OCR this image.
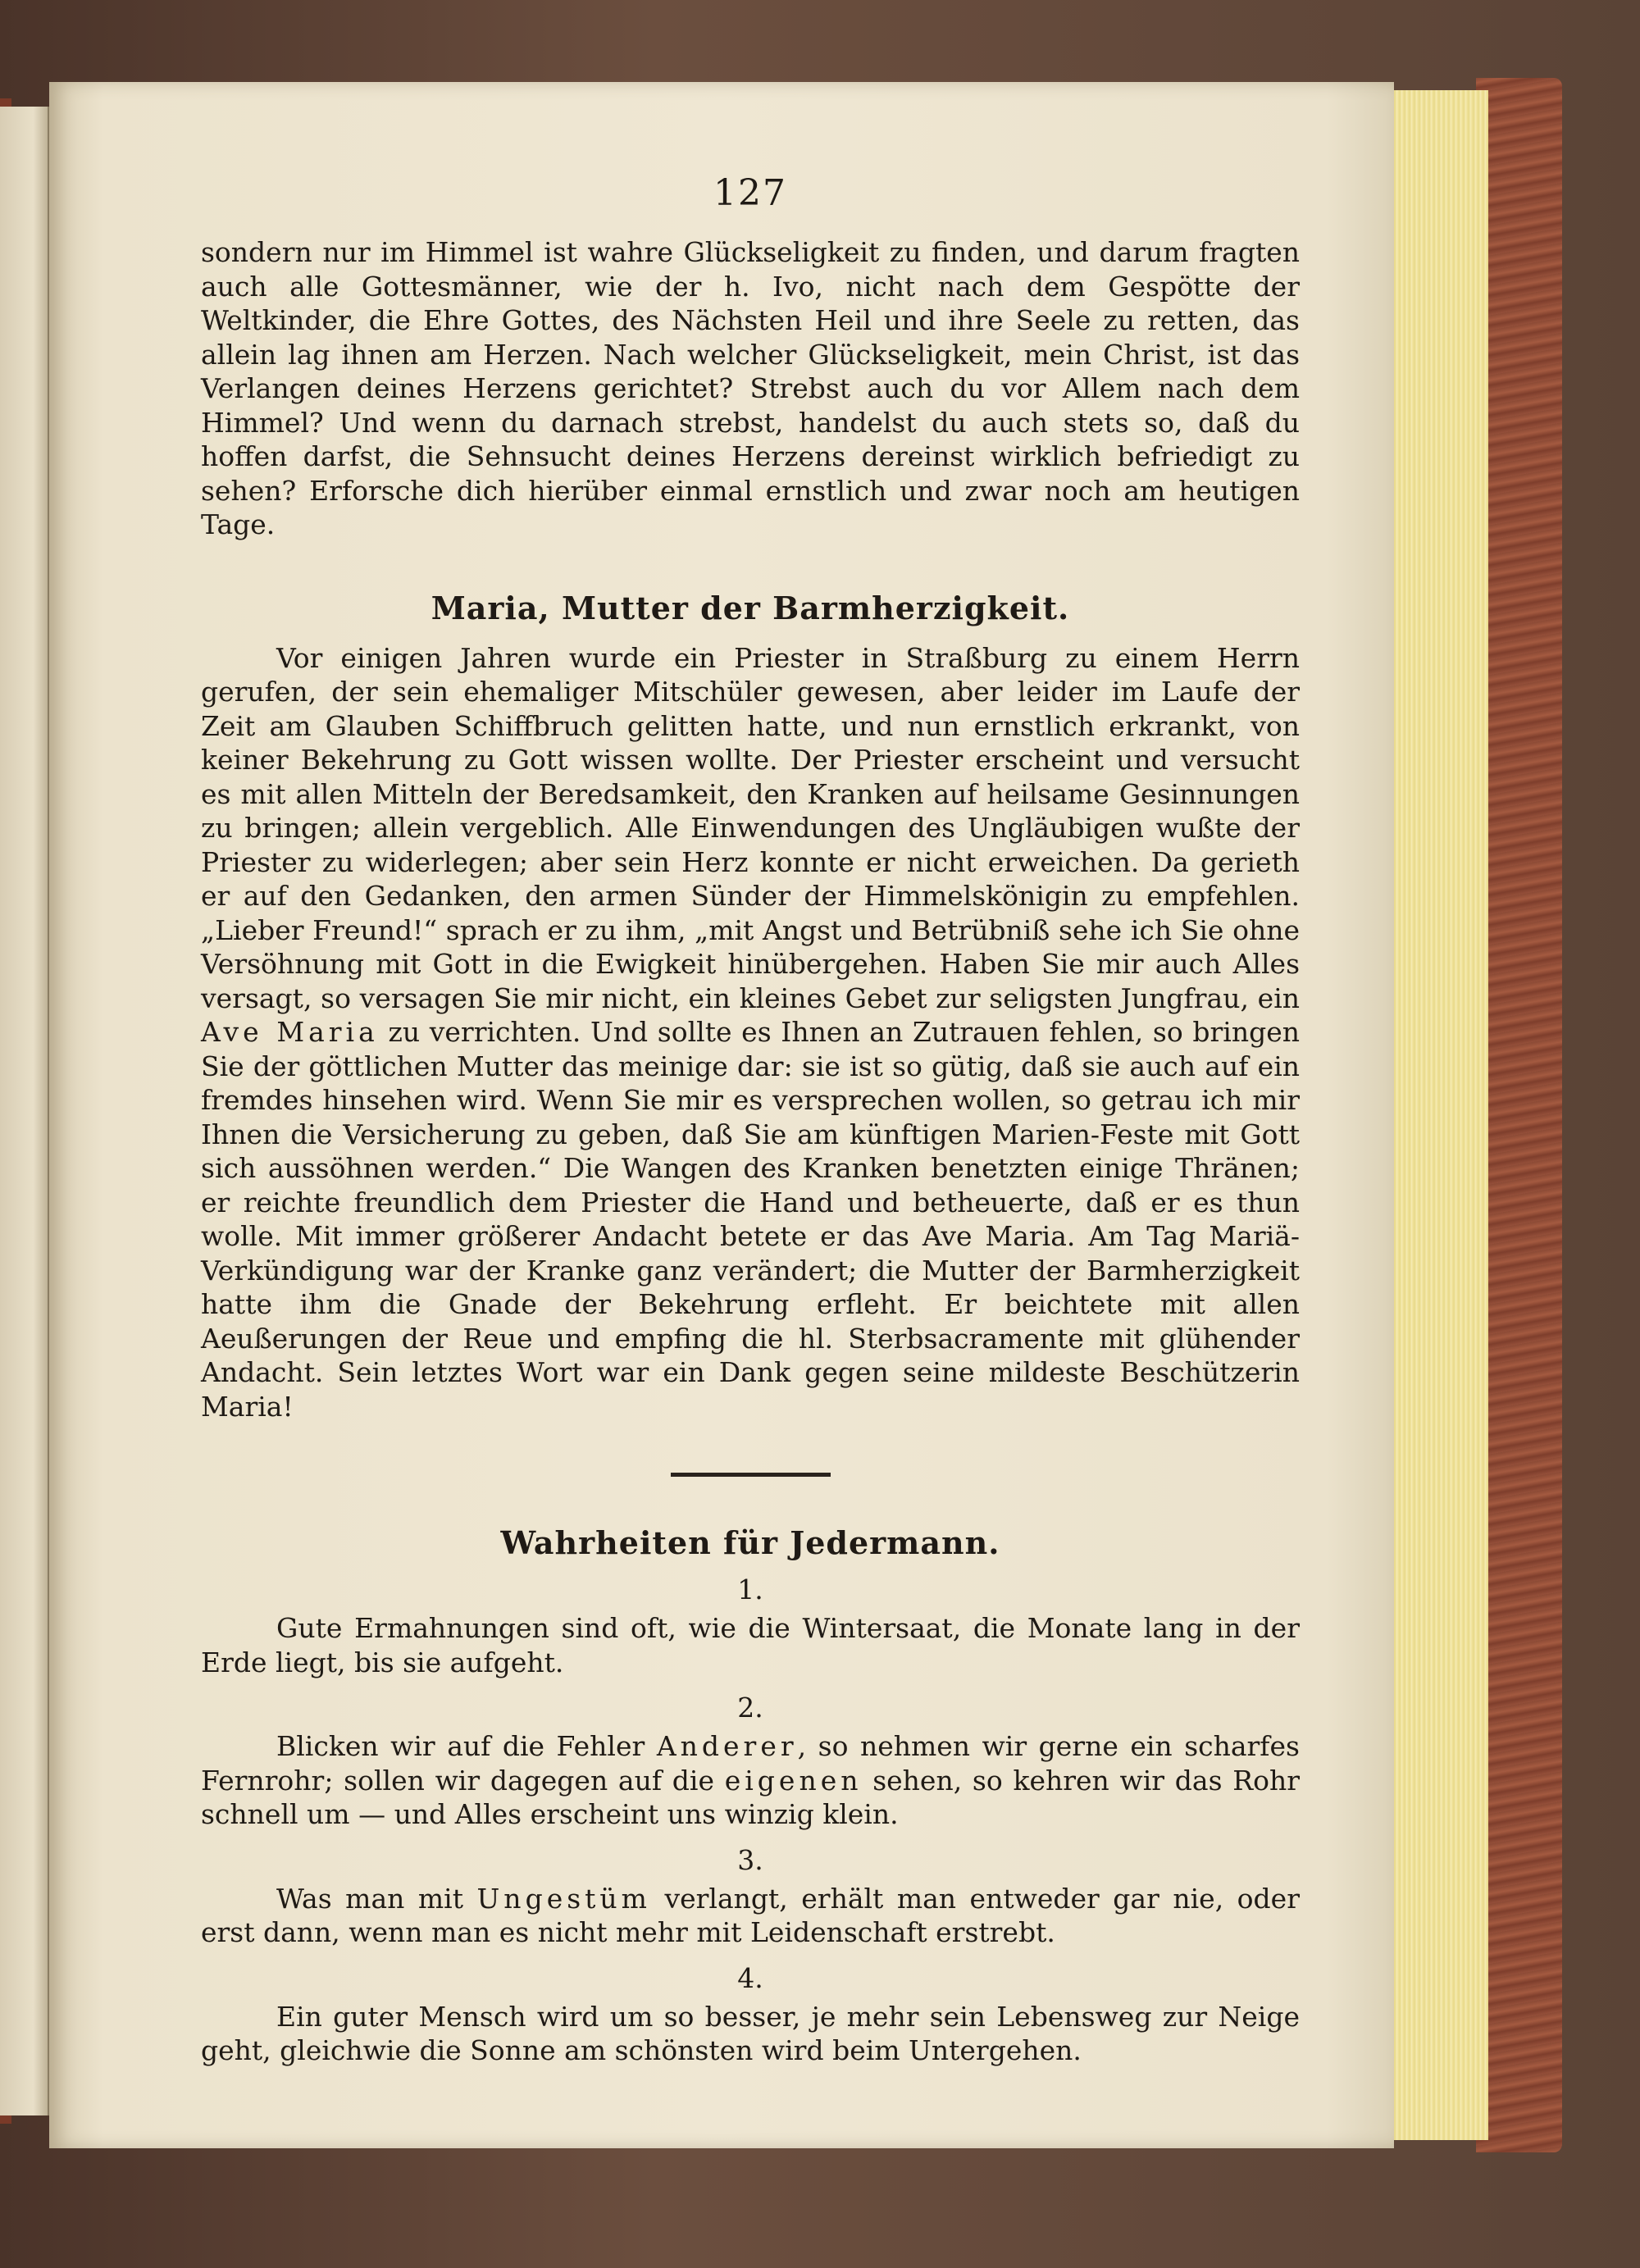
127

sondern nur im Himmel ist wahre Glückseligkeit zu finden, und darum fragten auch alle Gottesmänner, wie der h. Ivo, nicht nach dem Gespötte der Weltkinder, die Ehre Gottes, des Nächsten Heil und ihre Seele zu retten, das allein lag ihnen am Herzen. Nach welcher Glückseligkeit, mein Christ, ist das Verlangen deines Herzens gerichtet? Strebst auch du vor Allem nach dem Himmel? Und wenn du darnach strebst, handelst du auch stets so, daß du hoffen darfst, die Sehnsucht deines Herzens dereinst wirklich befriedigt zu sehen? Erforsche dich hierüber einmal ernstlich und zwar noch am heutigen Tage.

Maria, Mutter der Barmherzigkeit.

Vor einigen Jahren wurde ein Priester in Straßburg zu einem Herrn gerufen, der sein ehemaliger Mitschüler gewesen, aber leider im Laufe der Zeit am Glauben Schiffbruch gelitten hatte, und nun ernstlich erkrankt, von keiner Bekehrung zu Gott wissen wollte. Der Priester erscheint und versucht es mit allen Mitteln der Beredsamkeit, den Kranken auf heilsame Gesinnungen zu bringen; allein vergeblich. Alle Einwendungen des Ungläubigen wußte der Priester zu widerlegen; aber sein Herz konnte er nicht erweichen. Da gerieth er auf den Gedanken, den armen Sünder der Himmelskönigin zu empfehlen. „Lieber Freund!“ sprach er zu ihm, „mit Angst und Betrübniß sehe ich Sie ohne Versöhnung mit Gott in die Ewigkeit hinübergehen. Haben Sie mir auch Alles versagt, so versagen Sie mir nicht, ein kleines Gebet zur seligsten Jungfrau, ein Ave Maria zu verrichten. Und sollte es Ihnen an Zutrauen fehlen, so bringen Sie der göttlichen Mutter das meinige dar: sie ist so gütig, daß sie auch auf ein fremdes hinsehen wird. Wenn Sie mir es versprechen wollen, so getrau ich mir Ihnen die Versicherung zu geben, daß Sie am künftigen Marien-Feste mit Gott sich aussöhnen werden.“ Die Wangen des Kranken benetzten einige Thränen; er reichte freundlich dem Priester die Hand und betheuerte, daß er es thun wolle. Mit immer größerer Andacht betete er das Ave Maria. Am Tag Mariä-Verkündigung war der Kranke ganz verändert; die Mutter der Barmherzigkeit hatte ihm die Gnade der Bekehrung erfleht. Er beichtete mit allen Aeußerungen der Reue und empfing die hl. Sterbsacramente mit glühender Andacht. Sein letztes Wort war ein Dank gegen seine mildeste Beschützerin Maria!

Wahrheiten für Jedermann.
1.

Gute Ermahnungen sind oft, wie die Wintersaat, die Monate lang in der Erde liegt, bis sie aufgeht.

2.

Blicken wir auf die Fehler Anderer, so nehmen wir gerne ein scharfes Fernrohr; sollen wir dagegen auf die eigenen sehen, so kehren wir das Rohr schnell um — und Alles erscheint uns winzig klein.

3.

Was man mit Ungestüm verlangt, erhält man entweder gar nie, oder erst dann, wenn man es nicht mehr mit Leidenschaft erstrebt.

4.

Ein guter Mensch wird um so besser, je mehr sein Lebensweg zur Neige geht, gleichwie die Sonne am schönsten wird beim Untergehen.
